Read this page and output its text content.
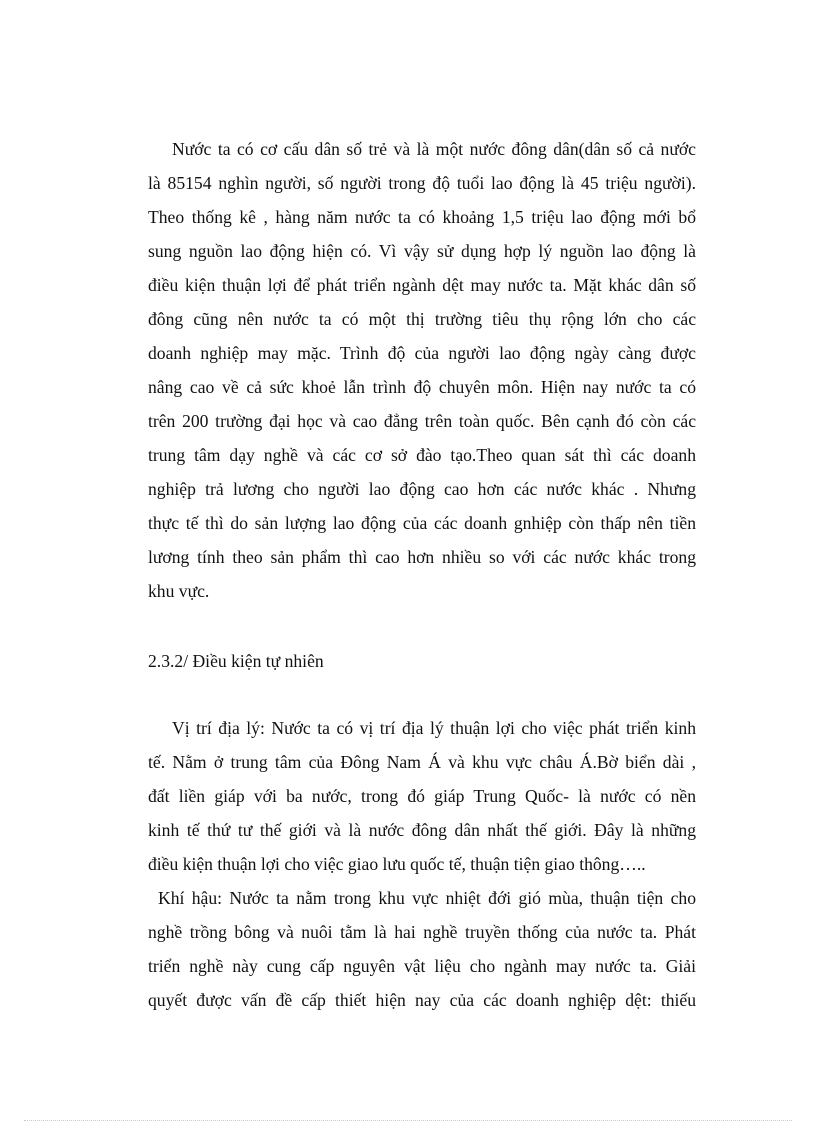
Nước ta có cơ cấu dân số trẻ và là một nước đông dân(dân số cả nước
là 85154 nghìn người, số người trong độ tuổi lao động là 45 triệu người).
Theo thống kê , hàng năm nước ta có khoảng 1,5 triệu lao động mới bổ
sung nguồn lao động hiện có. Vì vậy sử dụng hợp lý nguồn lao động là
điều kiện thuận lợi để phát triển ngành dệt may nước ta. Mặt khác dân số
đông cũng nên nước ta có một thị trường tiêu thụ rộng lớn cho các
doanh nghiệp may mặc. Trình độ của người lao động ngày càng được
nâng cao về cả sức khoẻ lẫn trình độ chuyên môn. Hiện nay nước ta có
trên 200 trường đại học và cao đẳng trên toàn quốc. Bên cạnh đó còn các
trung tâm dạy nghề và các cơ sở đào tạo.Theo quan sát thì các doanh
nghiệp trả lương cho người lao động cao hơn các nước khác . Nhưng
thực tế thì do sản lượng lao động của các doanh gnhiệp còn thấp nên tiền
lương tính theo sản phẩm thì cao hơn nhiều so với các nước khác trong
khu vực.
2.3.2/ Điều kiện tự nhiên
Vị trí địa lý: Nước ta có vị trí địa lý thuận lợi cho việc phát triển kinh
tế. Nằm ở trung tâm của Đông Nam Á và khu vực châu Á.Bờ biển dài ,
đất liền giáp với ba nước, trong đó giáp Trung Quốc- là nước có nền
kinh tế thứ tư thế giới và là nước đông dân nhất thế giới. Đây là những
điều kiện thuận lợi cho việc giao lưu quốc tế, thuận tiện giao thông…..
Khí hậu: Nước ta nằm trong khu vực nhiệt đới gió mùa, thuận tiện cho
nghề trồng bông và nuôi tằm là hai nghề truyền thống của nước ta. Phát
triển nghề này cung cấp nguyên vật liệu cho ngành may nước ta. Giải
quyết được vấn đề cấp thiết hiện nay của các doanh nghiệp dệt: thiếu
